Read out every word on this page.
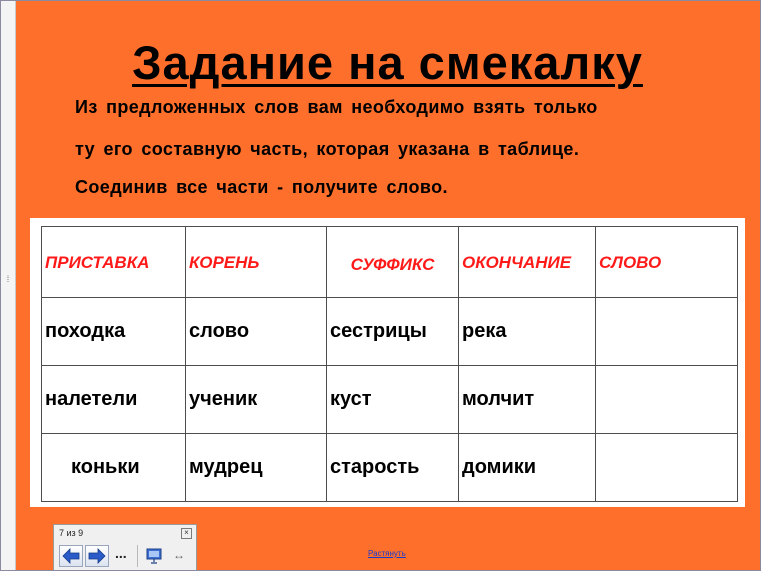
⁞
Задание на смекалку
Из предложенных слов вам необходимо взять только
ту его составную часть, которая указана в таблице.
Соединив все части - получите слово.
ПРИСТАВКА	КОРЕНЬ	СУФФИКС	ОКОНЧАНИЕ	СЛОВО
походка	слово	сестрицы	река	
налетели	ученик	куст	молчит	
коньки	мудрец	старость	домики	
7 из 9	×
...	↔	Растянуть
